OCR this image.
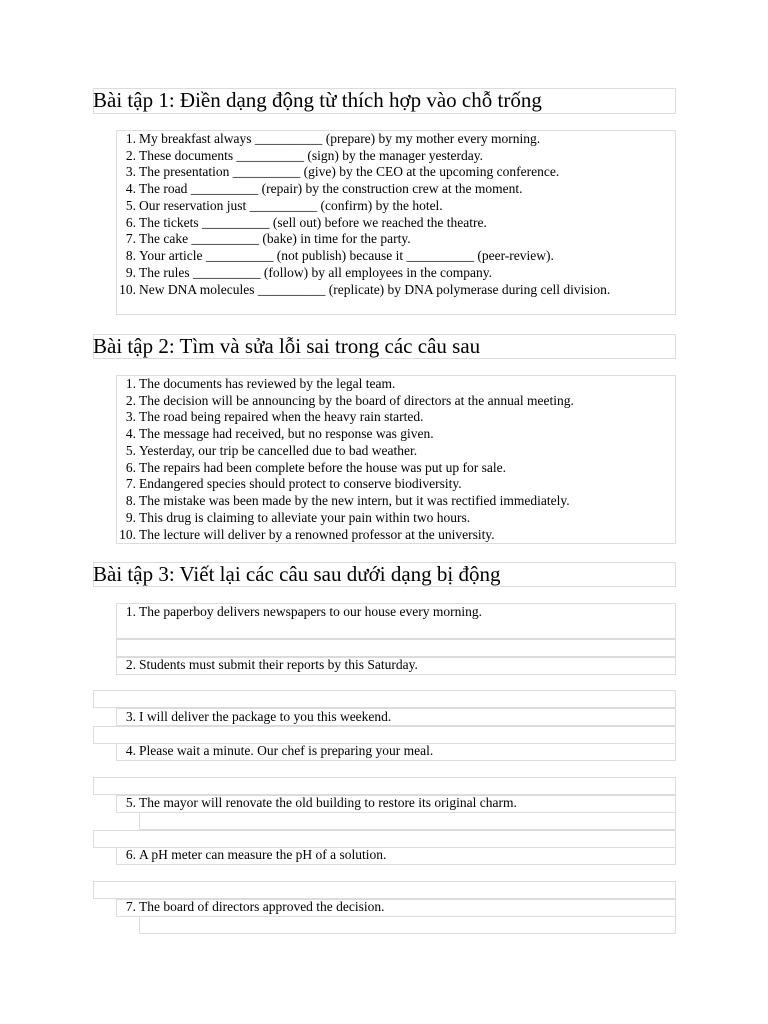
Bài tập 1: Điền dạng động từ thích hợp vào chỗ trống
1. My breakfast always __________ (prepare) by my mother every morning.
2. These documents __________ (sign) by the manager yesterday.
3. The presentation __________ (give) by the CEO at the upcoming conference.
4. The road __________ (repair) by the construction crew at the moment.
5. Our reservation just __________ (confirm) by the hotel.
6. The tickets __________ (sell out) before we reached the theatre.
7. The cake __________ (bake) in time for the party.
8. Your article __________ (not publish) because it __________ (peer-review).
9. The rules __________ (follow) by all employees in the company.
10. New DNA molecules __________ (replicate) by DNA polymerase during cell division.
Bài tập 2: Tìm và sửa lỗi sai trong các câu sau
1. The documents has reviewed by the legal team.
2. The decision will be announcing by the board of directors at the annual meeting.
3. The road being repaired when the heavy rain started.
4. The message had received, but no response was given.
5. Yesterday, our trip be cancelled due to bad weather.
6. The repairs had been complete before the house was put up for sale.
7. Endangered species should protect to conserve biodiversity.
8. The mistake was been made by the new intern, but it was rectified immediately.
9. This drug is claiming to alleviate your pain within two hours.
10. The lecture will deliver by a renowned professor at the university.
Bài tập 3: Viết lại các câu sau dưới dạng bị động
1. The paperboy delivers newspapers to our house every morning.
2. Students must submit their reports by this Saturday.
3. I will deliver the package to you this weekend.
4. Please wait a minute. Our chef is preparing your meal.
5. The mayor will renovate the old building to restore its original charm.
6. A pH meter can measure the pH of a solution.
7. The board of directors approved the decision.
